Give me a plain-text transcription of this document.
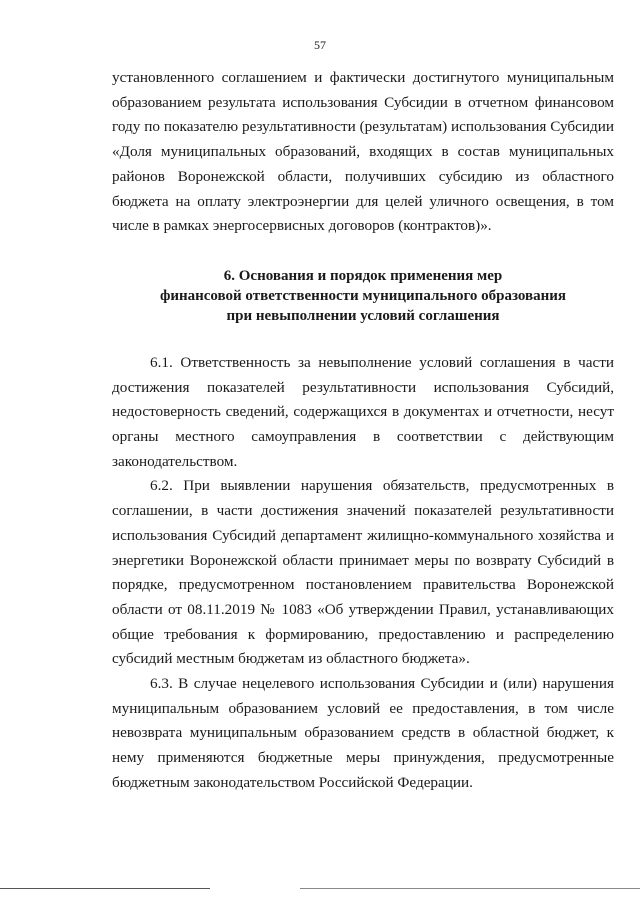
57

установленного соглашением и фактически достигнутого муниципальным образованием результата использования Субсидии в отчетном финансовом году по показателю результативности (результатам) использования Субсидии «Доля муниципальных образований, входящих в состав муниципальных районов Воронежской области, получивших субсидию из областного бюджета на оплату электроэнергии для целей уличного освещения, в том числе в рамках энергосервисных договоров (контрактов)».

6. Основания и порядок применения мер
финансовой ответственности муниципального образования
при невыполнении условий соглашения

6.1. Ответственность за невыполнение условий соглашения в части достижения показателей результативности использования Субсидий, недостоверность сведений, содержащихся в документах и отчетности, несут органы местного самоуправления в соответствии с действующим законодательством.

6.2. При выявлении нарушения обязательств, предусмотренных в соглашении, в части достижения значений показателей результативности использования Субсидий департамент жилищно-коммунального хозяйства и энергетики Воронежской области принимает меры по возврату Субсидий в порядке, предусмотренном постановлением правительства Воронежской области от 08.11.2019 № 1083 «Об утверждении Правил, устанавливающих общие требования к формированию, предоставлению и распределению субсидий местным бюджетам из областного бюджета».

6.3. В случае нецелевого использования Субсидии и (или) нарушения муниципальным образованием условий ее предоставления, в том числе невозврата муниципальным образованием средств в областной бюджет, к нему применяются бюджетные меры принуждения, предусмотренные бюджетным законодательством Российской Федерации.
